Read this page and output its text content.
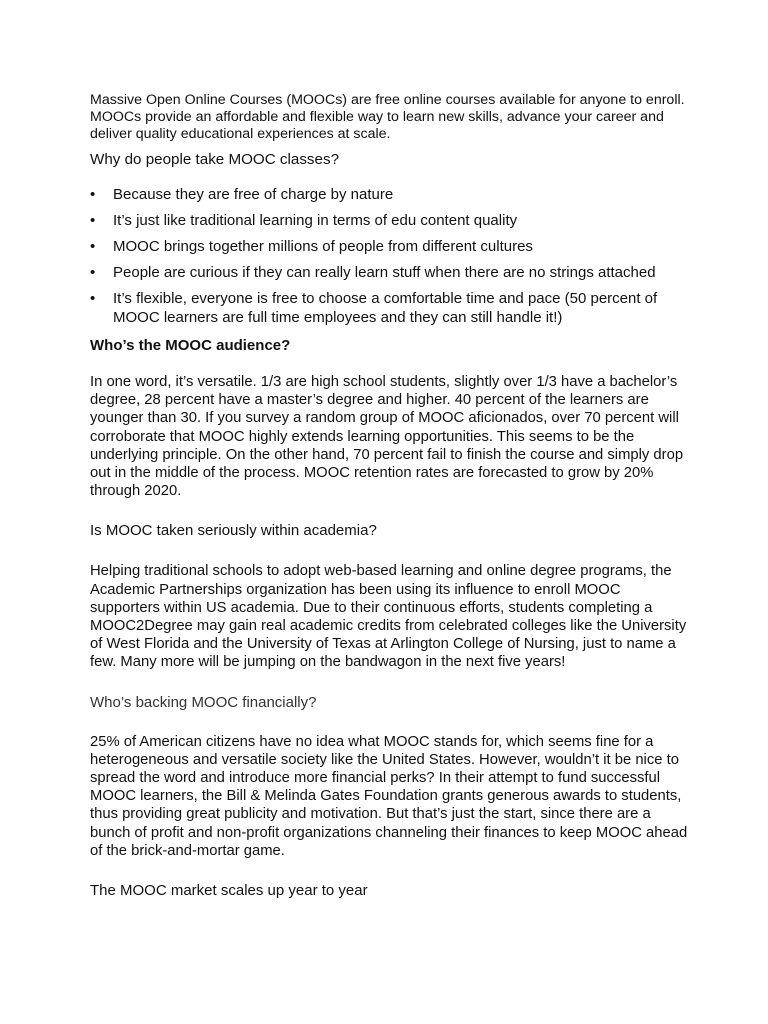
Massive Open Online Courses (MOOCs) are free online courses available for anyone to enroll. MOOCs provide an affordable and flexible way to learn new skills, advance your career and deliver quality educational experiences at scale.

Why do people take MOOC classes?

• Because they are free of charge by nature
• It’s just like traditional learning in terms of edu content quality
• MOOC brings together millions of people from different cultures
• People are curious if they can really learn stuff when there are no strings attached
• It’s flexible, everyone is free to choose a comfortable time and pace (50 percent of MOOC learners are full time employees and they can still handle it!)

Who’s the MOOC audience?

In one word, it’s versatile. 1/3 are high school students, slightly over 1/3 have a bachelor’s degree, 28 percent have a master’s degree and higher. 40 percent of the learners are younger than 30. If you survey a random group of MOOC aficionados, over 70 percent will corroborate that MOOC highly extends learning opportunities. This seems to be the underlying principle. On the other hand, 70 percent fail to finish the course and simply drop out in the middle of the process. MOOC retention rates are forecasted to grow by 20% through 2020.

Is MOOC taken seriously within academia?

Helping traditional schools to adopt web-based learning and online degree programs, the Academic Partnerships organization has been using its influence to enroll MOOC supporters within US academia. Due to their continuous efforts, students completing a MOOC2Degree may gain real academic credits from celebrated colleges like the University of West Florida and the University of Texas at Arlington College of Nursing, just to name a few. Many more will be jumping on the bandwagon in the next five years!

Who’s backing MOOC financially?

25% of American citizens have no idea what MOOC stands for, which seems fine for a heterogeneous and versatile society like the United States. However, wouldn’t it be nice to spread the word and introduce more financial perks? In their attempt to fund successful MOOC learners, the Bill & Melinda Gates Foundation grants generous awards to students, thus providing great publicity and motivation. But that’s just the start, since there are a bunch of profit and non-profit organizations channeling their finances to keep MOOC ahead of the brick-and-mortar game.

The MOOC market scales up year to year
